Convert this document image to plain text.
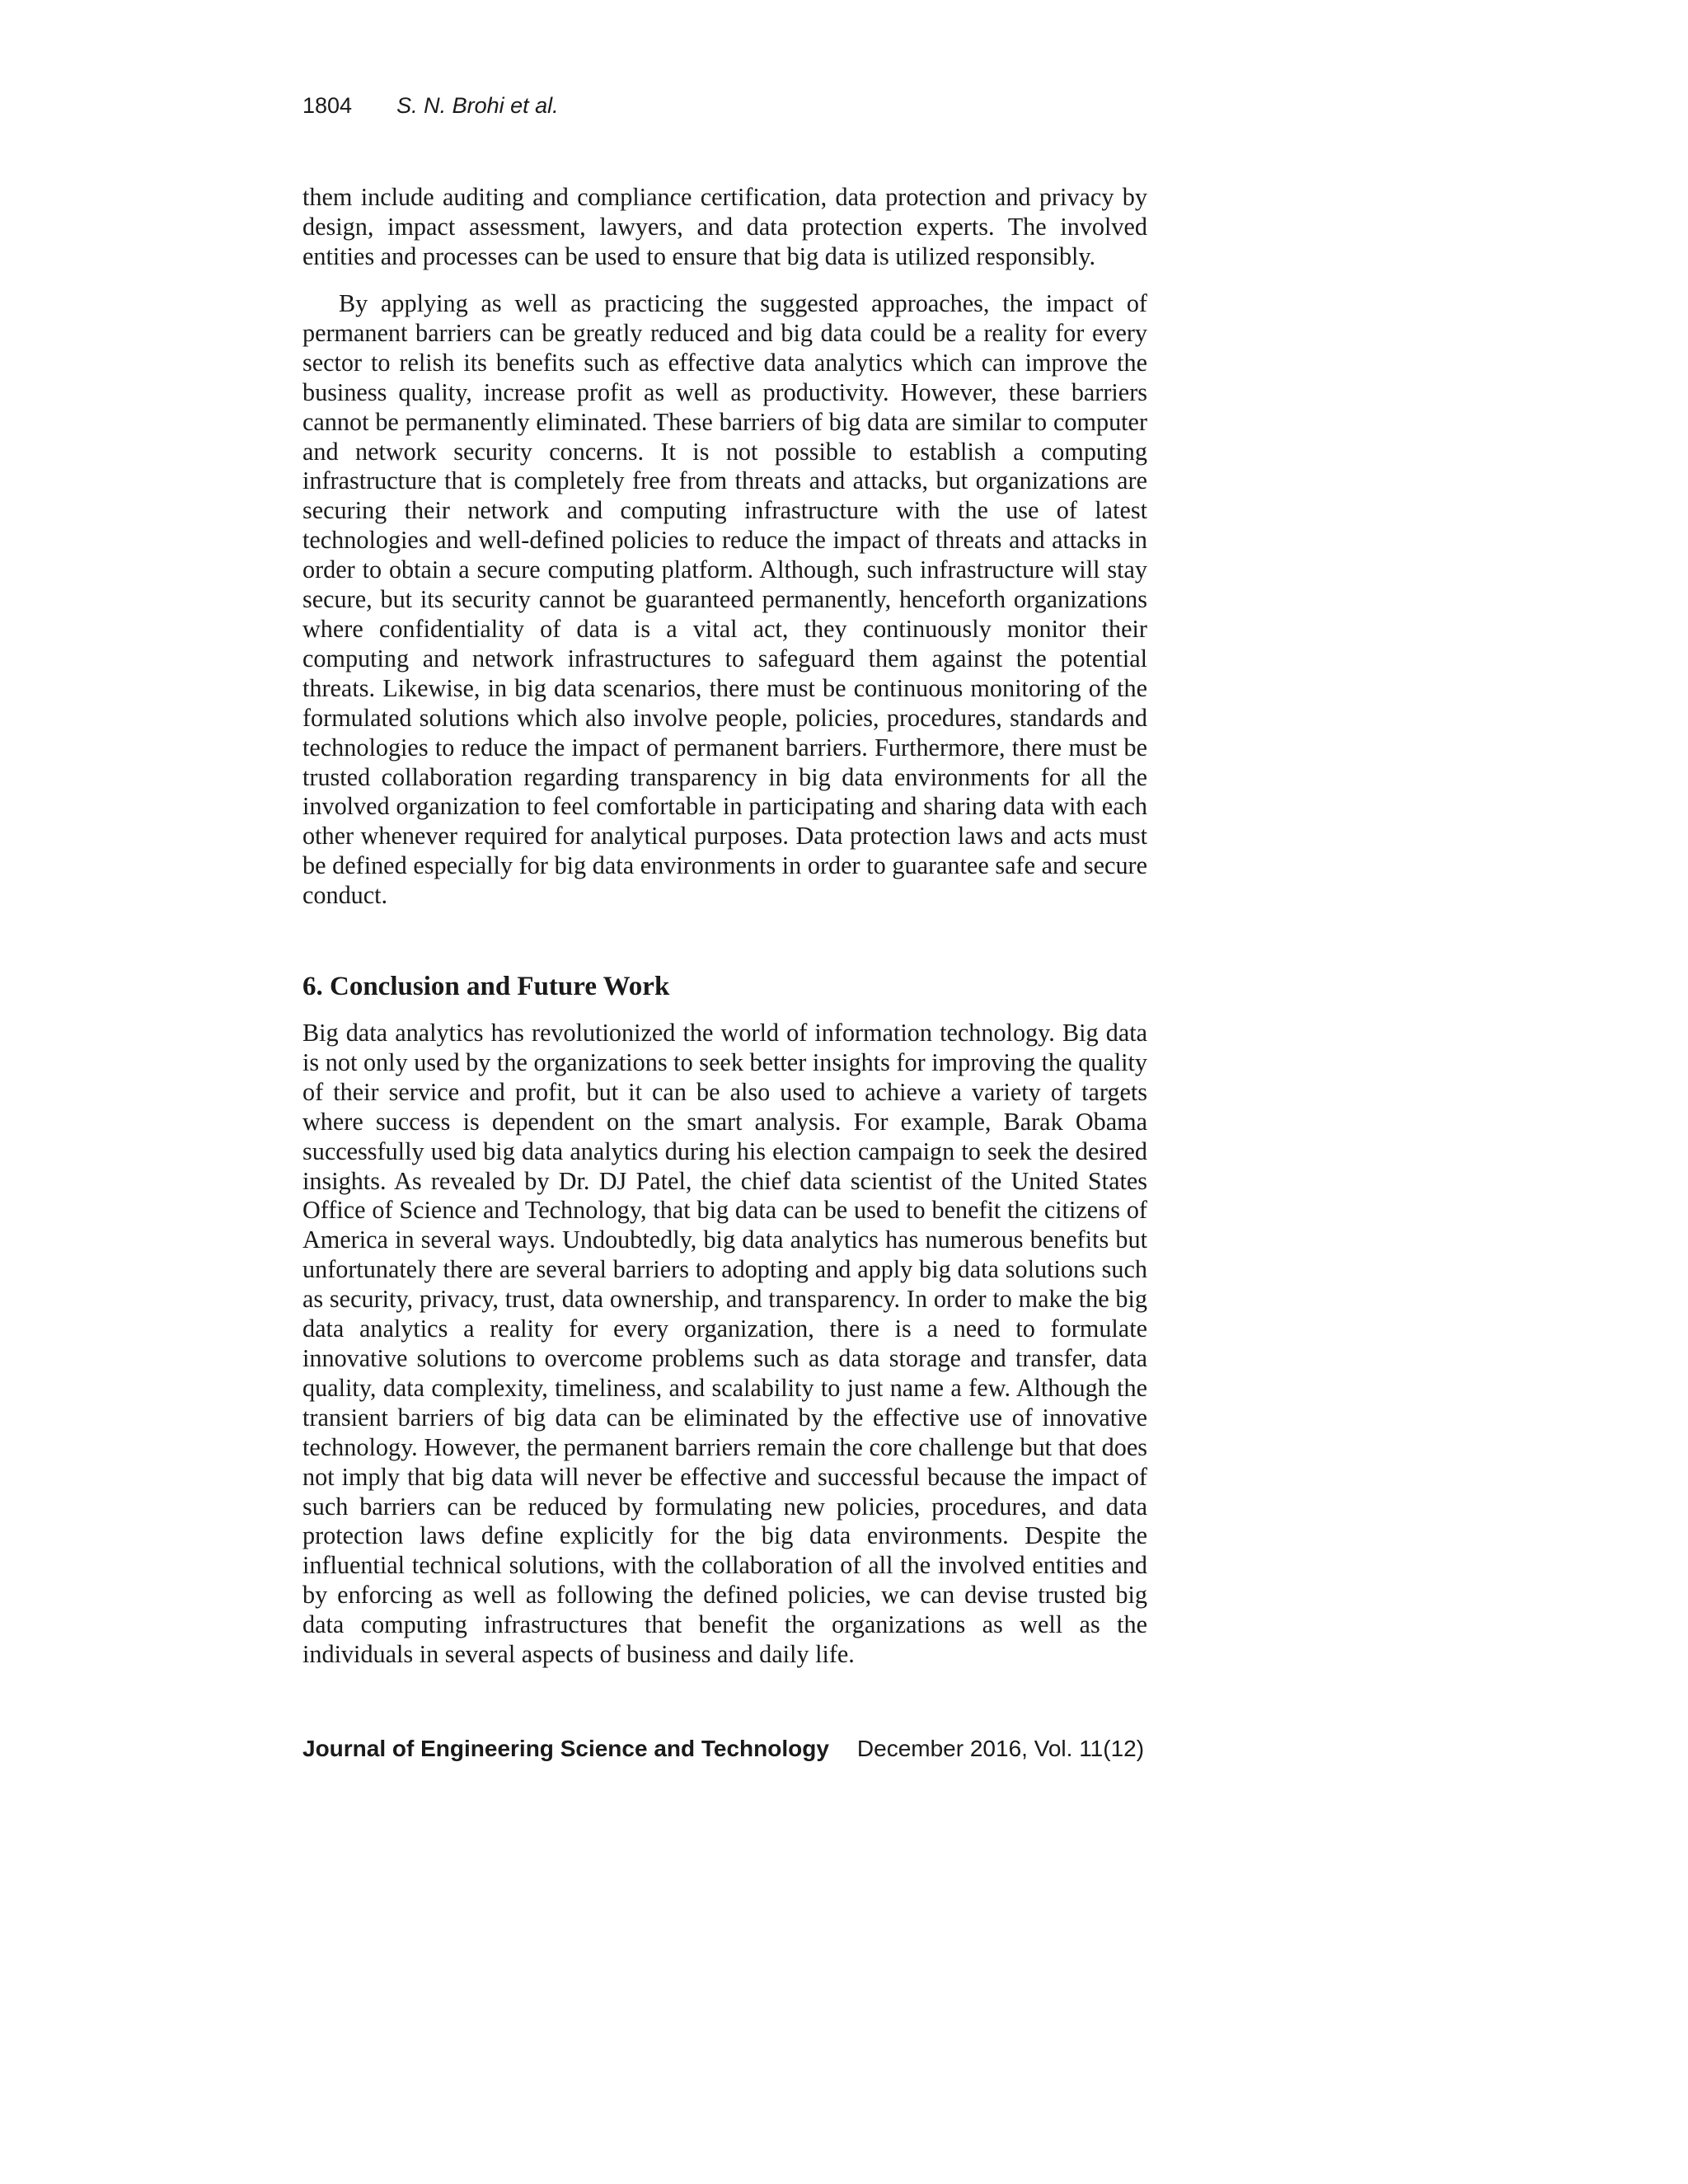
1804 S. N. Brohi et al.

them include auditing and compliance certification, data protection and privacy by design, impact assessment, lawyers, and data protection experts. The involved entities and processes can be used to ensure that big data is utilized responsibly.

By applying as well as practicing the suggested approaches, the impact of permanent barriers can be greatly reduced and big data could be a reality for every sector to relish its benefits such as effective data analytics which can improve the business quality, increase profit as well as productivity. However, these barriers cannot be permanently eliminated. These barriers of big data are similar to computer and network security concerns. It is not possible to establish a computing infrastructure that is completely free from threats and attacks, but organizations are securing their network and computing infrastructure with the use of latest technologies and well-defined policies to reduce the impact of threats and attacks in order to obtain a secure computing platform. Although, such infrastructure will stay secure, but its security cannot be guaranteed permanently, henceforth organizations where confidentiality of data is a vital act, they continuously monitor their computing and network infrastructures to safeguard them against the potential threats. Likewise, in big data scenarios, there must be continuous monitoring of the formulated solutions which also involve people, policies, procedures, standards and technologies to reduce the impact of permanent barriers. Furthermore, there must be trusted collaboration regarding transparency in big data environments for all the involved organization to feel comfortable in participating and sharing data with each other whenever required for analytical purposes. Data protection laws and acts must be defined especially for big data environments in order to guarantee safe and secure conduct.

6. Conclusion and Future Work

Big data analytics has revolutionized the world of information technology. Big data is not only used by the organizations to seek better insights for improving the quality of their service and profit, but it can be also used to achieve a variety of targets where success is dependent on the smart analysis. For example, Barak Obama successfully used big data analytics during his election campaign to seek the desired insights. As revealed by Dr. DJ Patel, the chief data scientist of the United States Office of Science and Technology, that big data can be used to benefit the citizens of America in several ways. Undoubtedly, big data analytics has numerous benefits but unfortunately there are several barriers to adopting and apply big data solutions such as security, privacy, trust, data ownership, and transparency. In order to make the big data analytics a reality for every organization, there is a need to formulate innovative solutions to overcome problems such as data storage and transfer, data quality, data complexity, timeliness, and scalability to just name a few. Although the transient barriers of big data can be eliminated by the effective use of innovative technology. However, the permanent barriers remain the core challenge but that does not imply that big data will never be effective and successful because the impact of such barriers can be reduced by formulating new policies, procedures, and data protection laws define explicitly for the big data environments. Despite the influential technical solutions, with the collaboration of all the involved entities and by enforcing as well as following the defined policies, we can devise trusted big data computing infrastructures that benefit the organizations as well as the individuals in several aspects of business and daily life.

Journal of Engineering Science and Technology December 2016, Vol. 11(12)
